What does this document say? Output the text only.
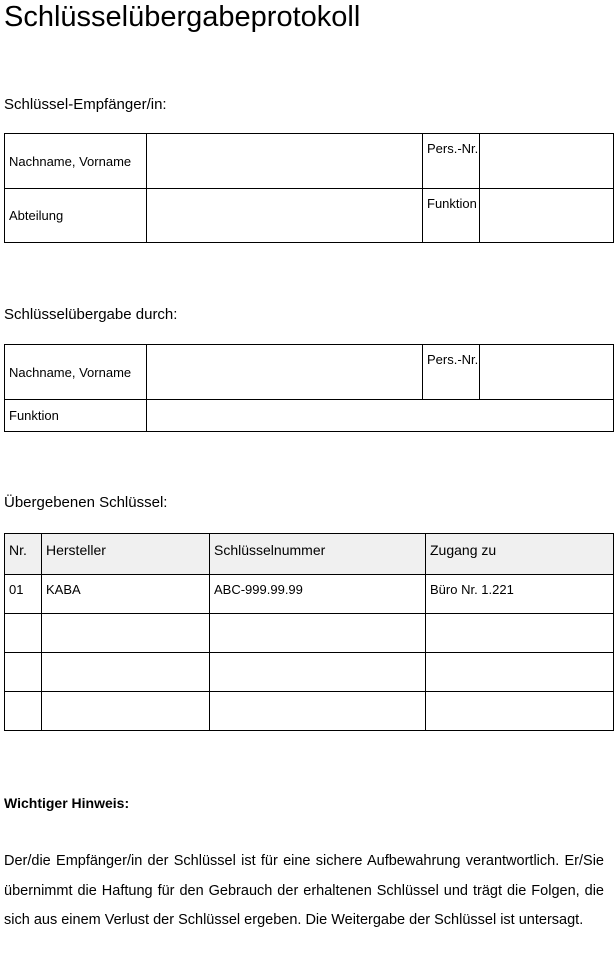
Schlüsselübergabeprotokoll
Schlüssel-Empfänger/in:
Nachname, Vorname		Pers.-Nr.	
Abteilung		Funktion	
Schlüsselübergabe durch:
Nachname, Vorname		Pers.-Nr.	
Funktion			
Übergebenen Schlüssel:
Nr.	Hersteller	Schlüsselnummer	Zugang zu
01	KABA	ABC-999.99.99	Büro Nr. 1.221

Wichtiger Hinweis:
Der/die Empfänger/in der Schlüssel ist für eine sichere Aufbewahrung verantwortlich. Er/Sie übernimmt die Haftung für den Gebrauch der erhaltenen Schlüssel und trägt die Folgen, die sich aus einem Verlust der Schlüssel ergeben. Die Weitergabe der Schlüssel ist untersagt.
